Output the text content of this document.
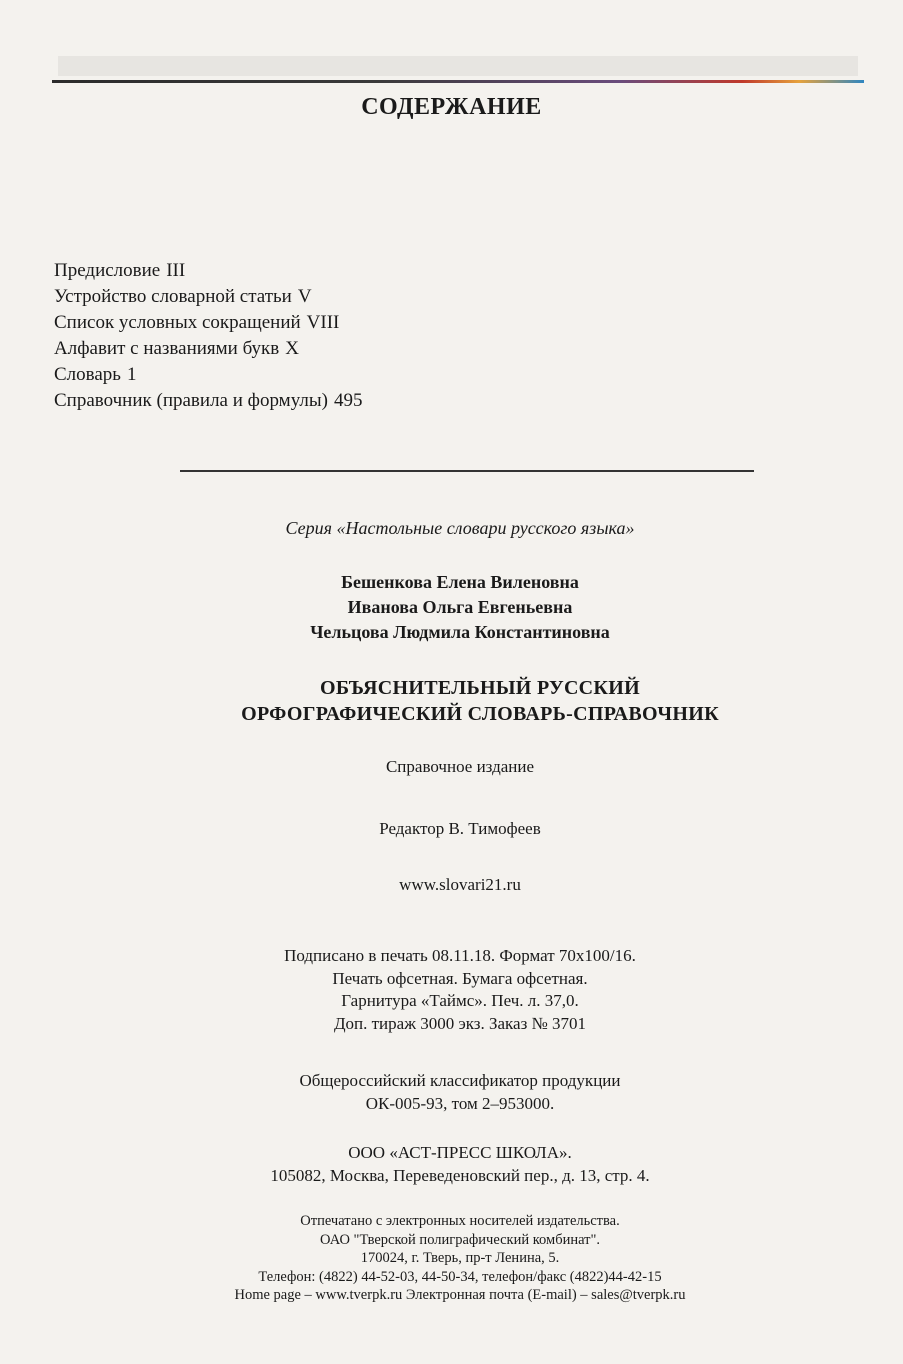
СОДЕРЖАНИЕ
Предисловие III
Устройство словарной статьи V
Список условных сокращений VIII
Алфавит с названиями букв X
Словарь 1
Справочник (правила и формулы) 495
Серия «Настольные словари русского языка»
Бешенкова Елена Виленовна
Иванова Ольга Евгеньевна
Чельцова Людмила Константиновна
ОБЪЯСНИТЕЛЬНЫЙ РУССКИЙ
ОРФОГРАФИЧЕСКИЙ СЛОВАРЬ-СПРАВОЧНИК
Справочное издание
Редактор В. Тимофеев
www.slovari21.ru
Подписано в печать 08.11.18. Формат 70x100/16.
Печать офсетная. Бумага офсетная.
Гарнитура «Таймс». Печ. л. 37,0.
Доп. тираж 3000 экз. Заказ № 3701
Общероссийский классификатор продукции
ОК-005-93, том 2–953000.
ООО «АСТ-ПРЕСС ШКОЛА».
105082, Москва, Переведеновский пер., д. 13, стр. 4.
Отпечатано с электронных носителей издательства.
ОАО "Тверской полиграфический комбинат".
170024, г. Тверь, пр-т Ленина, 5.
Телефон: (4822) 44-52-03, 44-50-34, телефон/факс (4822)44-42-15
Home page – www.tverpk.ru Электронная почта (E-mail) – sales@tverpk.ru
